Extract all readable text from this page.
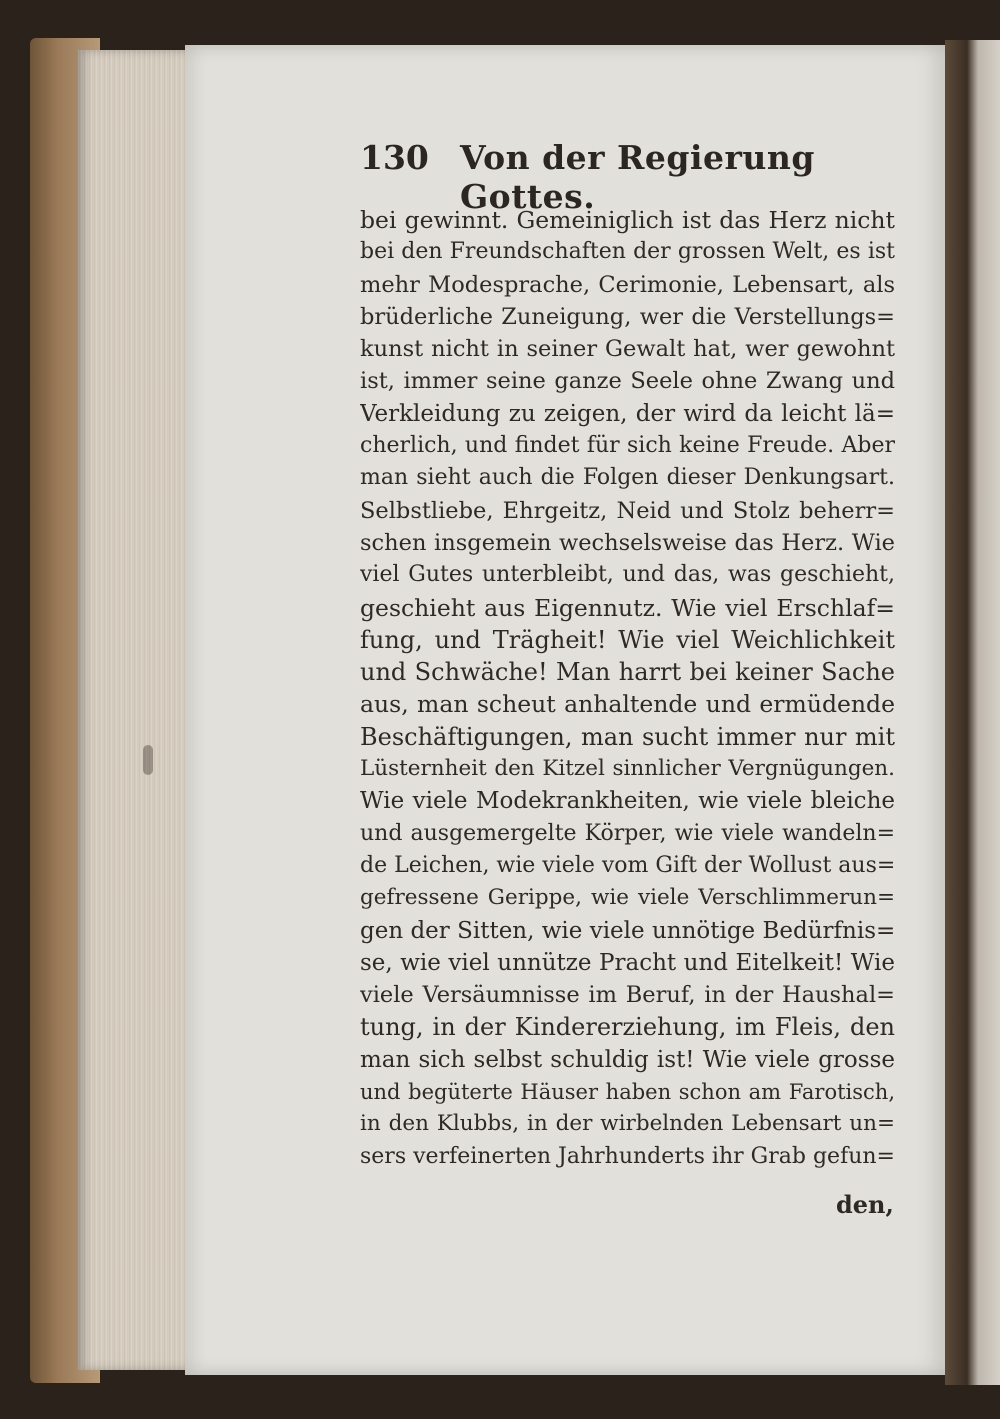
130 Von der Regierung Gottes.
bei gewinnt. Gemeiniglich ist das Herz nicht
bei den Freundschaften der grossen Welt, es ist
mehr Modesprache, Cerimonie, Lebensart, als
brüderliche Zuneigung, wer die Verstellungs=
kunst nicht in seiner Gewalt hat, wer gewohnt
ist, immer seine ganze Seele ohne Zwang und
Verkleidung zu zeigen, der wird da leicht lä=
cherlich, und findet für sich keine Freude. Aber
man sieht auch die Folgen dieser Denkungsart.
Selbstliebe, Ehrgeitz, Neid und Stolz beherr=
schen insgemein wechselsweise das Herz. Wie
viel Gutes unterbleibt, und das, was geschieht,
geschieht aus Eigennutz. Wie viel Erschlaf=
fung, und Trägheit! Wie viel Weichlichkeit
und Schwäche! Man harrt bei keiner Sache
aus, man scheut anhaltende und ermüdende
Beschäftigungen, man sucht immer nur mit
Lüsternheit den Kitzel sinnlicher Vergnügungen.
Wie viele Modekrankheiten, wie viele bleiche
und ausgemergelte Körper, wie viele wandeln=
de Leichen, wie viele vom Gift der Wollust aus=
gefressene Gerippe, wie viele Verschlimmerun=
gen der Sitten, wie viele unnötige Bedürfnis=
se, wie viel unnütze Pracht und Eitelkeit! Wie
viele Versäumnisse im Beruf, in der Haushal=
tung, in der Kindererziehung, im Fleis, den
man sich selbst schuldig ist! Wie viele grosse
und begüterte Häuser haben schon am Farotisch,
in den Klubbs, in der wirbelnden Lebensart un=
sers verfeinerten Jahrhunderts ihr Grab gefun=
den,
